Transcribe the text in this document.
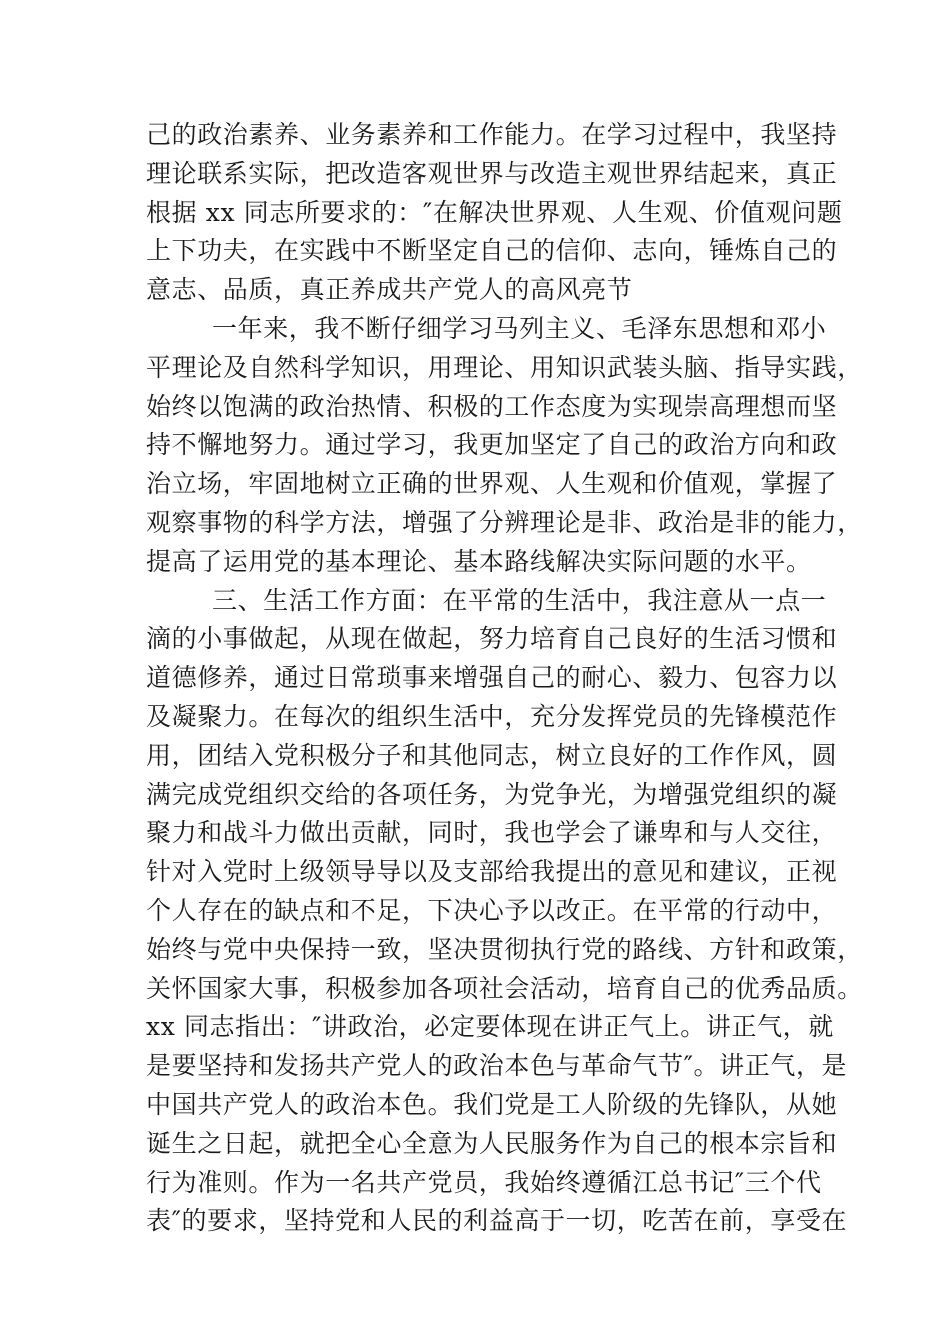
己的政治素养、业务素养和工作能力。在学习过程中，我坚持
理论联系实际，把改造客观世界与改造主观世界结起来，真正
根据 xx 同志所要求的：″在解决世界观、人生观、价值观问题
上下功夫，在实践中不断坚定自己的信仰、志向，锤炼自己的
意志、品质，真正养成共产党人的高风亮节
一年来，我不断仔细学习马列主义、毛泽东思想和邓小
平理论及自然科学知识，用理论、用知识武装头脑、指导实践，
始终以饱满的政治热情、积极的工作态度为实现崇高理想而坚
持不懈地努力。通过学习，我更加坚定了自己的政治方向和政
治立场，牢固地树立正确的世界观、人生观和价值观，掌握了
观察事物的科学方法，增强了分辨理论是非、政治是非的能力，
提高了运用党的基本理论、基本路线解决实际问题的水平。
三、生活工作方面：在平常的生活中，我注意从一点一
滴的小事做起，从现在做起，努力培育自己良好的生活习惯和
道德修养，通过日常琐事来增强自己的耐心、毅力、包容力以
及凝聚力。在每次的组织生活中，充分发挥党员的先锋模范作
用，团结入党积极分子和其他同志，树立良好的工作作风，圆
满完成党组织交给的各项任务，为党争光，为增强党组织的凝
聚力和战斗力做出贡献，同时，我也学会了谦卑和与人交往，
针对入党时上级领导导以及支部给我提出的意见和建议，正视
个人存在的缺点和不足，下决心予以改正。在平常的行动中，
始终与党中央保持一致，坚决贯彻执行党的路线、方针和政策，
关怀国家大事，积极参加各项社会活动，培育自己的优秀品质。
xx 同志指出：″讲政治，必定要体现在讲正气上。讲正气，就
是要坚持和发扬共产党人的政治本色与革命气节″。讲正气，是
中国共产党人的政治本色。我们党是工人阶级的先锋队，从她
诞生之日起，就把全心全意为人民服务作为自己的根本宗旨和
行为准则。作为一名共产党员，我始终遵循江总书记″三个代
表″的要求，坚持党和人民的利益高于一切，吃苦在前，享受在
